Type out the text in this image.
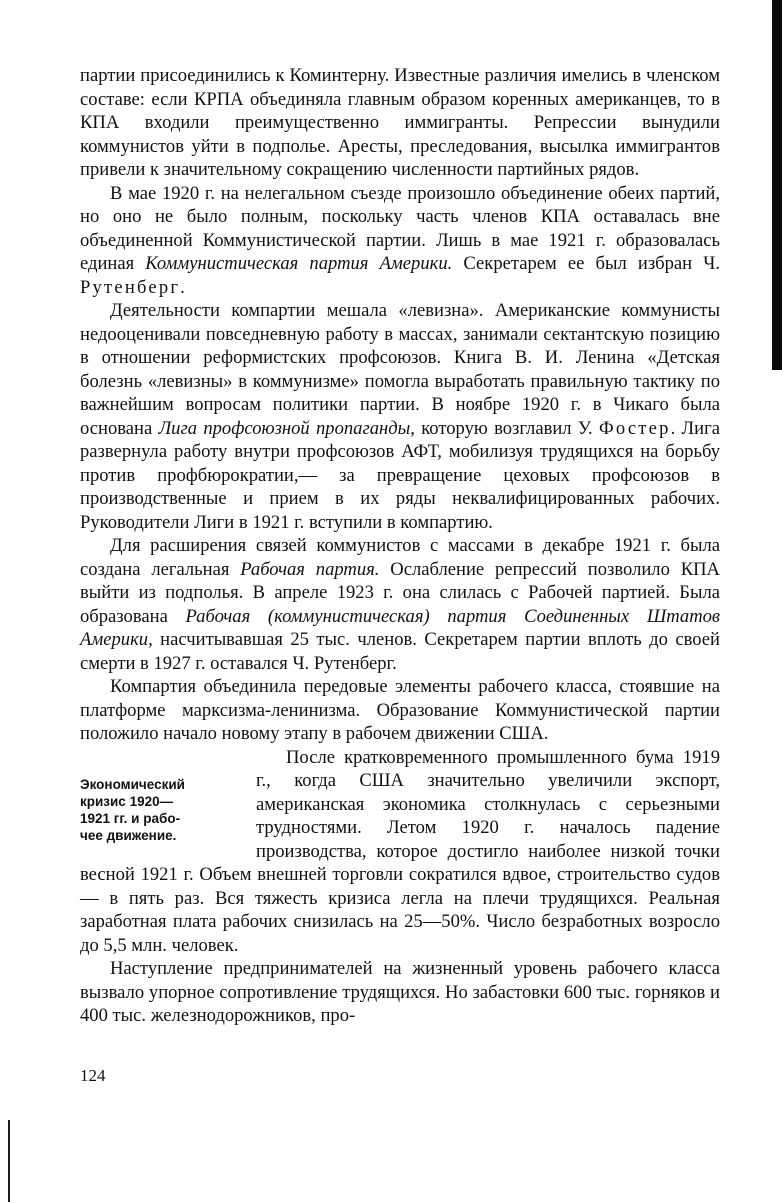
партии присоединились к Коминтерну. Известные различия имелись в членском составе: если КРПА объединяла главным образом коренных американцев, то в КПА входили преимущественно иммигранты. Репрессии вынудили коммунистов уйти в подполье. Аресты, преследования, высылка иммигрантов привели к значительному сокращению численности партийных рядов.

В мае 1920 г. на нелегальном съезде произошло объединение обеих партий, но оно не было полным, поскольку часть членов КПА оставалась вне объединенной Коммунистической партии. Лишь в мае 1921 г. образовалась единая Коммунистическая партия Америки. Секретарем ее был избран Ч. Рутенберг.

Деятельности компартии мешала «левизна». Американские коммунисты недооценивали повседневную работу в массах, занимали сектантскую позицию в отношении реформистских профсоюзов. Книга В. И. Ленина «Детская болезнь «левизны» в коммунизме» помогла выработать правильную тактику по важнейшим вопросам политики партии. В ноябре 1920 г. в Чикаго была основана Лига профсоюзной пропаганды, которую возглавил У. Фостер. Лига развернула работу внутри профсоюзов АФТ, мобилизуя трудящихся на борьбу против профбюрократии,— за превращение цеховых профсоюзов в производственные и прием в их ряды неквалифицированных рабочих. Руководители Лиги в 1921 г. вступили в компартию.

Для расширения связей коммунистов с массами в декабре 1921 г. была создана легальная Рабочая партия. Ослабление репрессий позволило КПА выйти из подполья. В апреле 1923 г. она слилась с Рабочей партией. Была образована Рабочая (коммунистическая) партия Соединенных Штатов Америки, насчитывавшая 25 тыс. членов. Секретарем партии вплоть до своей смерти в 1927 г. оставался Ч. Рутенберг.

Компартия объединила передовые элементы рабочего класса, стоявшие на платформе марксизма-ленинизма. Образование Коммунистической партии положило начало новому этапу в рабочем движении США.

Экономический
кризис 1920—
1921 гг. и рабо-
чее движение.

После кратковременного промышленного бума 1919 г., когда США значительно увеличили экспорт, американская экономика столкнулась с серьезными трудностями. Летом 1920 г. началось падение производства, которое достигло наиболее низкой точки весной 1921 г. Объем внешней торговли сократился вдвое, строительство судов — в пять раз. Вся тяжесть кризиса легла на плечи трудящихся. Реальная заработная плата рабочих снизилась на 25—50%. Число безработных возросло до 5,5 млн. человек.

Наступление предпринимателей на жизненный уровень рабочего класса вызвало упорное сопротивление трудящихся. Но забастовки 600 тыс. горняков и 400 тыс. железнодорожников, про-

124
